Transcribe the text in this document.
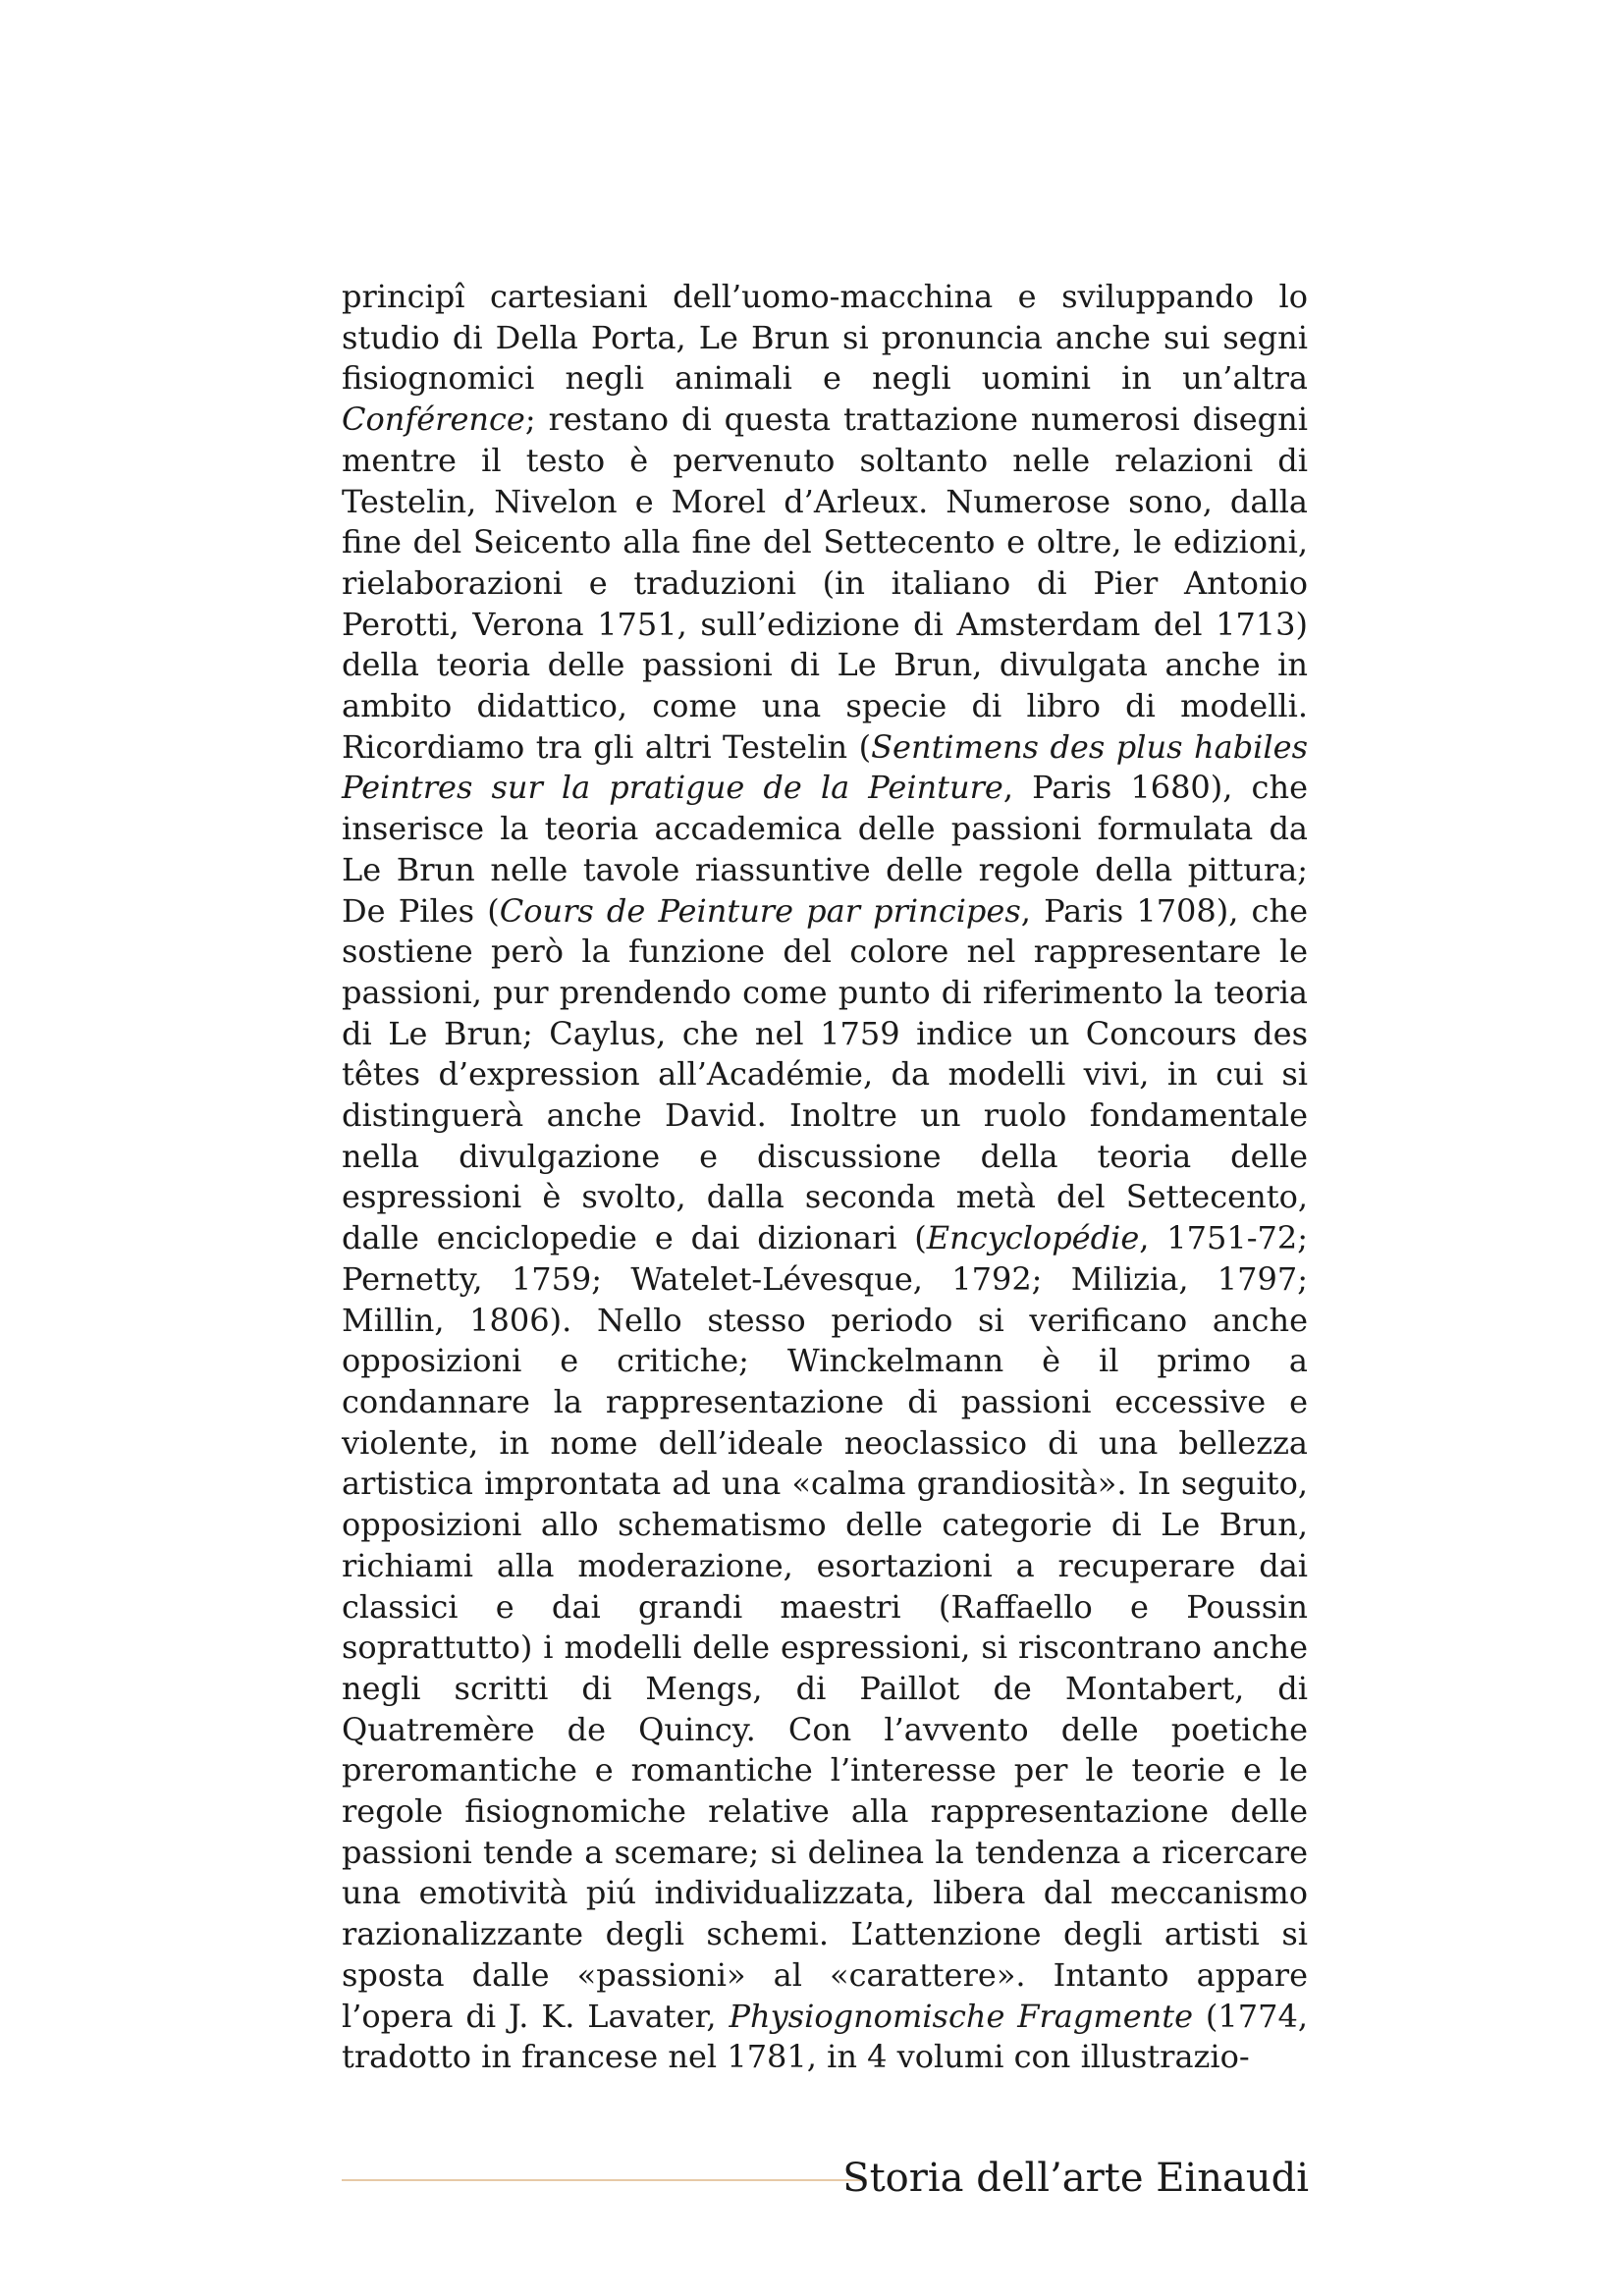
principî cartesiani dell’uomo-macchina e sviluppando lo studio di Della Porta, Le Brun si pronuncia anche sui segni fisiognomici negli animali e negli uomini in un’altra Conférence; restano di questa trattazione numerosi disegni mentre il testo è pervenuto soltanto nelle relazioni di Testelin, Nivelon e Morel d’Arleux. Numerose sono, dalla fine del Seicento alla fine del Settecento e oltre, le edizioni, rielaborazioni e traduzioni (in italiano di Pier Antonio Perotti, Verona 1751, sull’edizione di Amsterdam del 1713) della teoria delle passioni di Le Brun, divulgata anche in ambito didattico, come una specie di libro di modelli. Ricordiamo tra gli altri Testelin (Sentimens des plus habiles Peintres sur la pratigue de la Peinture, Paris 1680), che inserisce la teoria accademica delle passioni formulata da Le Brun nelle tavole riassuntive delle regole della pittura; De Piles (Cours de Peinture par principes, Paris 1708), che sostiene però la funzione del colore nel rappresentare le passioni, pur prendendo come punto di riferimento la teoria di Le Brun; Caylus, che nel 1759 indice un Concours des têtes d’expression all’Académie, da modelli vivi, in cui si distinguerà anche David. Inoltre un ruolo fondamentale nella divulgazione e discussione della teoria delle espressioni è svolto, dalla seconda metà del Settecento, dalle enciclopedie e dai dizionari (Encyclopédie, 1751-72; Pernetty, 1759; Watelet-Lévesque, 1792; Milizia, 1797; Millin, 1806). Nello stesso periodo si verificano anche opposizioni e critiche; Winckelmann è il primo a condannare la rappresentazione di passioni eccessive e violente, in nome dell’ideale neoclassico di una bellezza artistica improntata ad una «calma grandiosità». In seguito, opposizioni allo schematismo delle categorie di Le Brun, richiami alla moderazione, esortazioni a recuperare dai classici e dai grandi maestri (Raffaello e Poussin soprattutto) i modelli delle espressioni, si riscontrano anche negli scritti di Mengs, di Paillot de Montabert, di Quatremère de Quincy. Con l’avvento delle poetiche preromantiche e romantiche l’interesse per le teorie e le regole fisiognomiche relative alla rappresentazione delle passioni tende a scemare; si delinea la tendenza a ricercare una emotività piú individualizzata, libera dal meccanismo razionalizzante degli schemi. L’attenzione degli artisti si sposta dalle «passioni» al «carattere». Intanto appare l’opera di J. K. Lavater, Physiognomische Fragmente (1774, tradotto in francese nel 1781, in 4 volumi con illustrazio-

Storia dell’arte Einaudi
